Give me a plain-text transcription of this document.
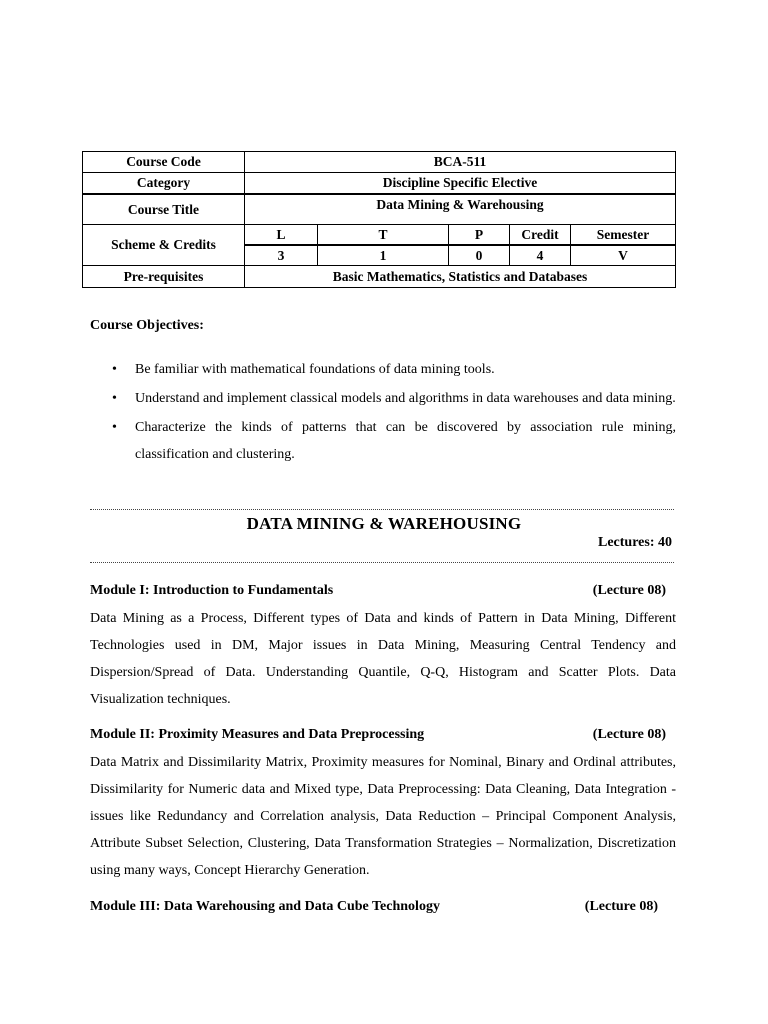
Course Code	BCA-511				
Category	Discipline Specific Elective				
Course Title	Data Mining & Warehousing				
Scheme & Credits	L	T	P	Credit	Semester
	3	1	0	4	V
Pre-requisites	Basic Mathematics, Statistics and Databases				
Course Objectives:
• Be familiar with mathematical foundations of data mining tools.
• Understand and implement classical models and algorithms in data warehouses and data mining.
• Characterize the kinds of patterns that can be discovered by association rule mining, classification and clustering.
DATA MINING & WAREHOUSING
Lectures: 40
Module I: Introduction to Fundamentals	(Lecture 08)
Data Mining as a Process, Different types of Data and kinds of Pattern in Data Mining, Different Technologies used in DM, Major issues in Data Mining, Measuring Central Tendency and Dispersion/Spread of Data. Understanding Quantile, Q-Q, Histogram and Scatter Plots. Data Visualization techniques.
Module II: Proximity Measures and Data Preprocessing	(Lecture 08)
Data Matrix and Dissimilarity Matrix, Proximity measures for Nominal, Binary and Ordinal attributes, Dissimilarity for Numeric data and Mixed type, Data Preprocessing: Data Cleaning, Data Integration - issues like Redundancy and Correlation analysis, Data Reduction – Principal Component Analysis, Attribute Subset Selection, Clustering, Data Transformation Strategies – Normalization, Discretization using many ways, Concept Hierarchy Generation.
Module III: Data Warehousing and Data Cube Technology	(Lecture 08)
